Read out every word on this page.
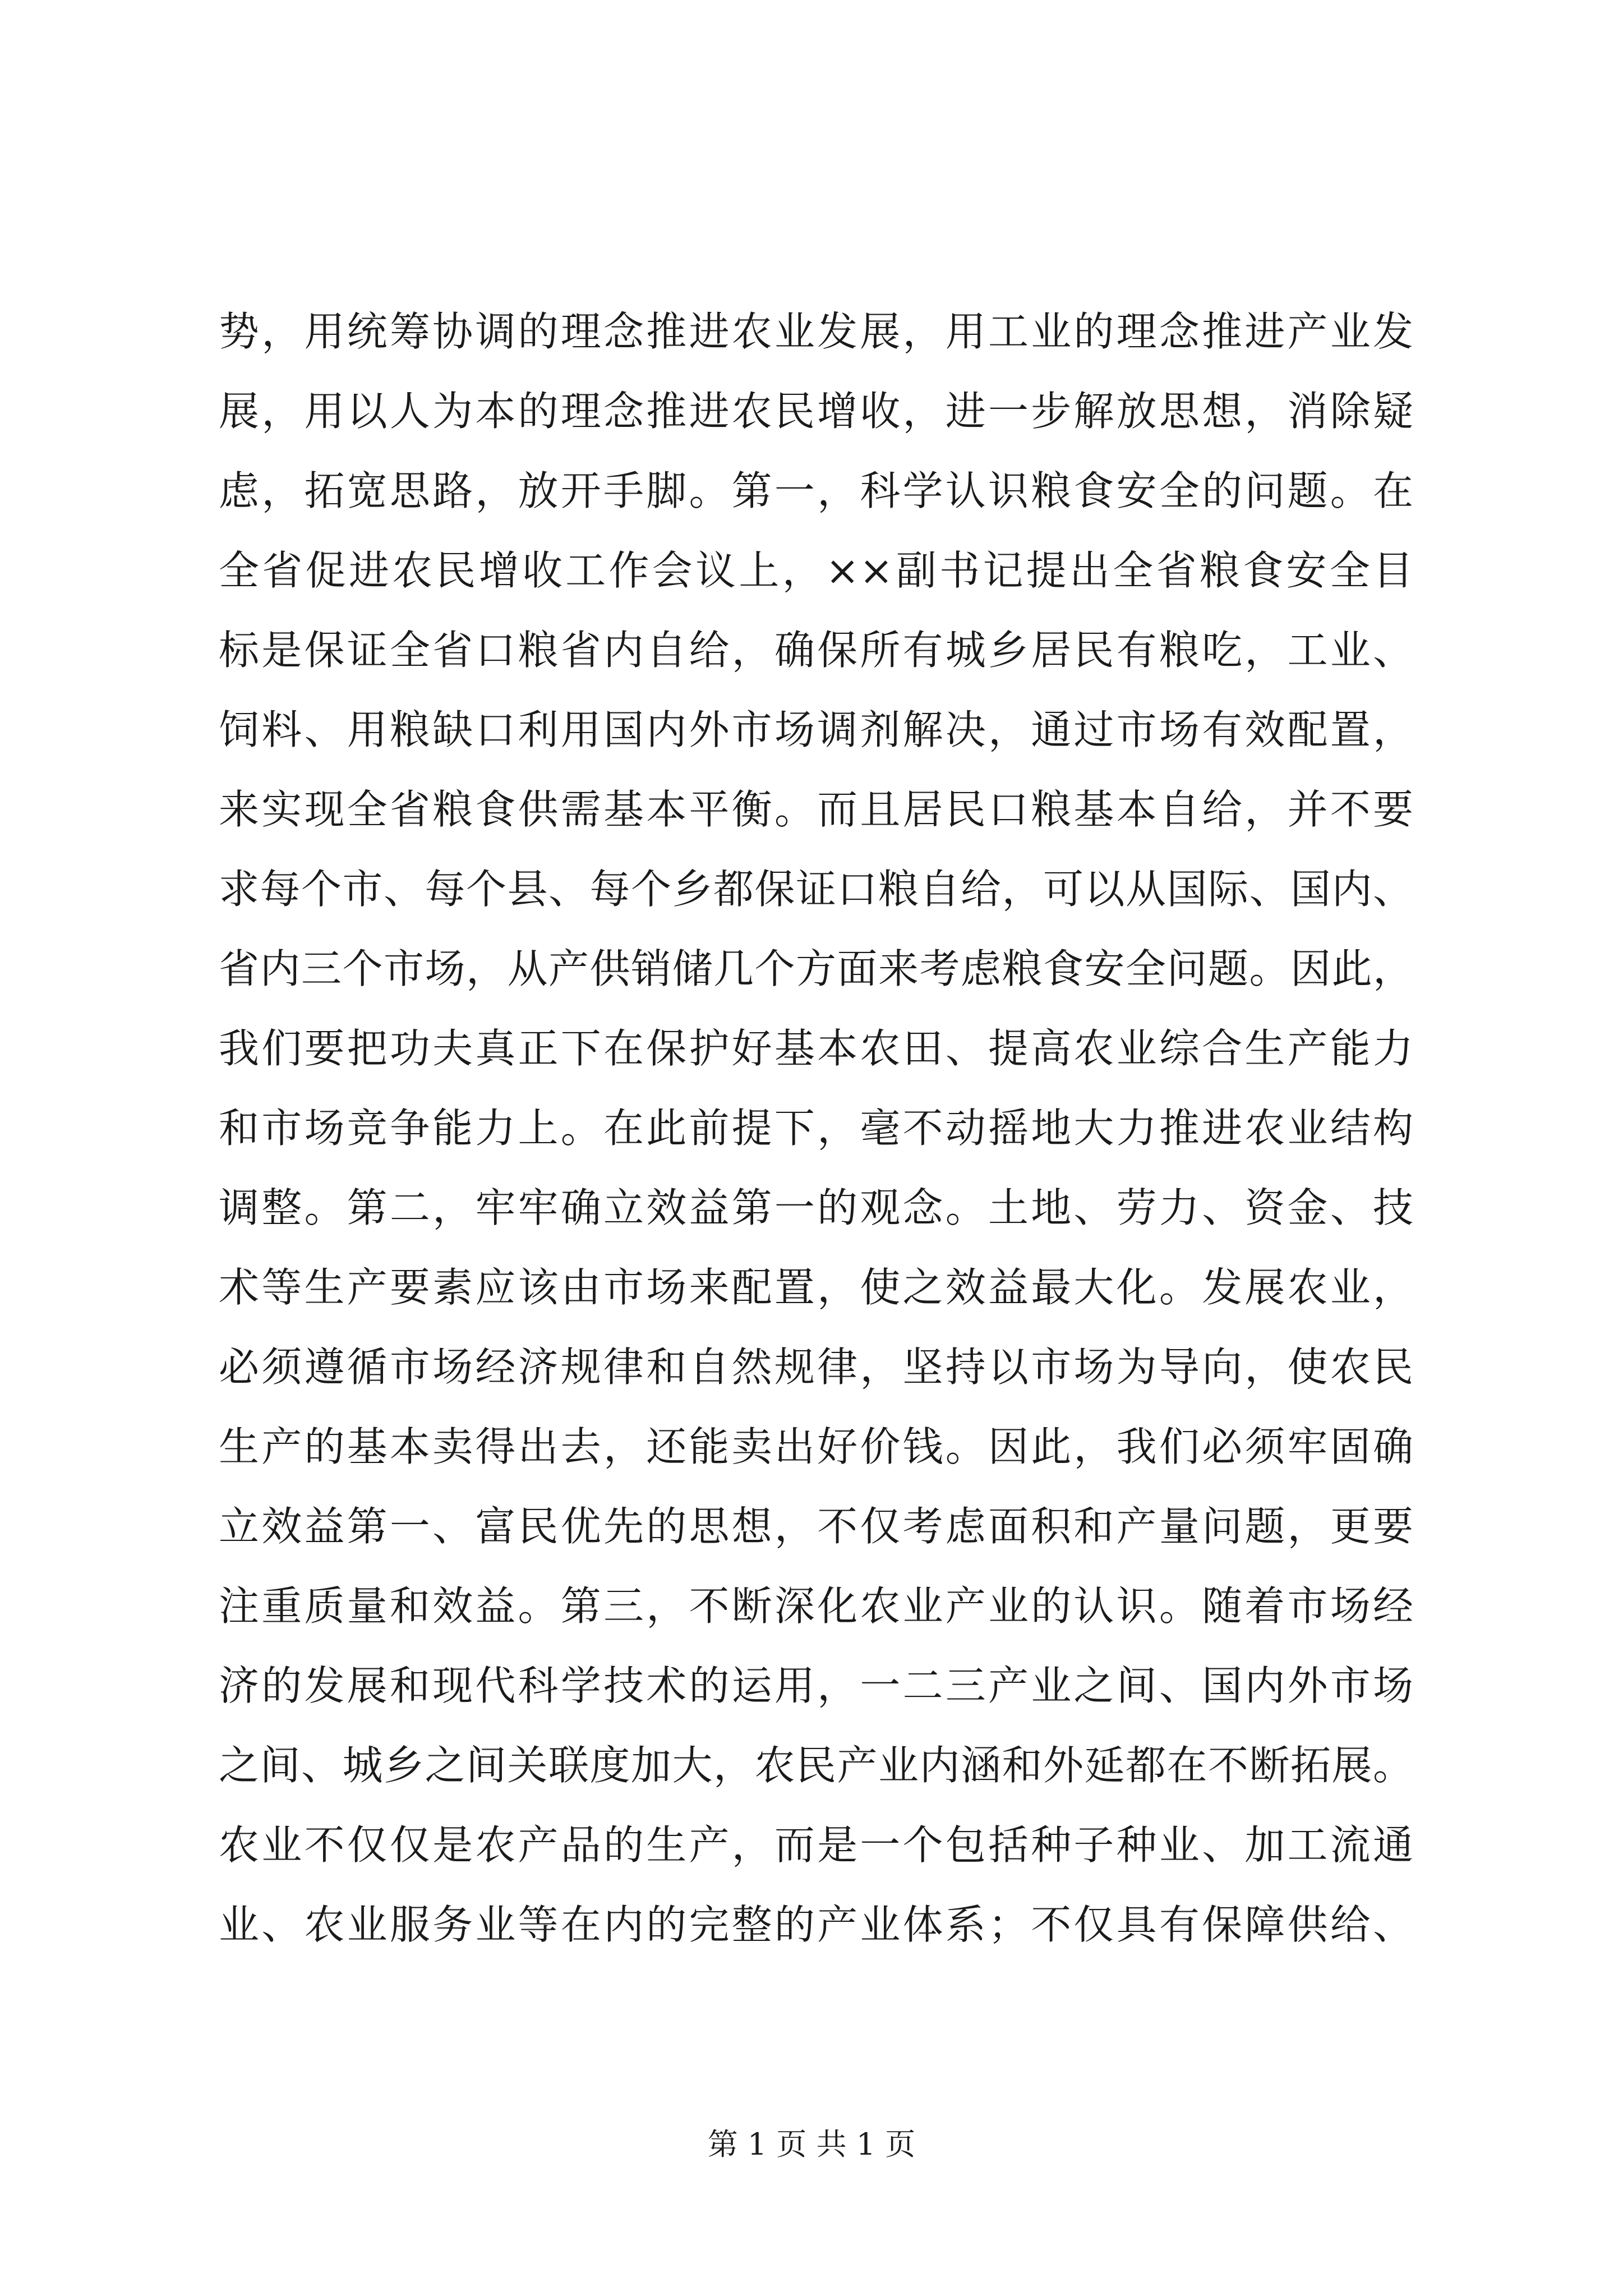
势，用统筹协调的理念推进农业发展，用工业的理念推进产业发
展，用以人为本的理念推进农民增收，进一步解放思想，消除疑
虑，拓宽思路，放开手脚。第一，科学认识粮食安全的问题。在
全省促进农民增收工作会议上，××副书记提出全省粮食安全目
标是保证全省口粮省内自给，确保所有城乡居民有粮吃，工业、
饲料、用粮缺口利用国内外市场调剂解决，通过市场有效配置，
来实现全省粮食供需基本平衡。而且居民口粮基本自给，并不要
求每个市、每个县、每个乡都保证口粮自给，可以从国际、国内、
省内三个市场，从产供销储几个方面来考虑粮食安全问题。因此，
我们要把功夫真正下在保护好基本农田、提高农业综合生产能力
和市场竞争能力上。在此前提下，毫不动摇地大力推进农业结构
调整。第二，牢牢确立效益第一的观念。土地、劳力、资金、技
术等生产要素应该由市场来配置，使之效益最大化。发展农业，
必须遵循市场经济规律和自然规律，坚持以市场为导向，使农民
生产的基本卖得出去，还能卖出好价钱。因此，我们必须牢固确
立效益第一、富民优先的思想，不仅考虑面积和产量问题，更要
注重质量和效益。第三，不断深化农业产业的认识。随着市场经
济的发展和现代科学技术的运用，一二三产业之间、国内外市场
之间、城乡之间关联度加大，农民产业内涵和外延都在不断拓展。
农业不仅仅是农产品的生产，而是一个包括种子种业、加工流通
业、农业服务业等在内的完整的产业体系；不仅具有保障供给、
第 1 页 共 1 页
